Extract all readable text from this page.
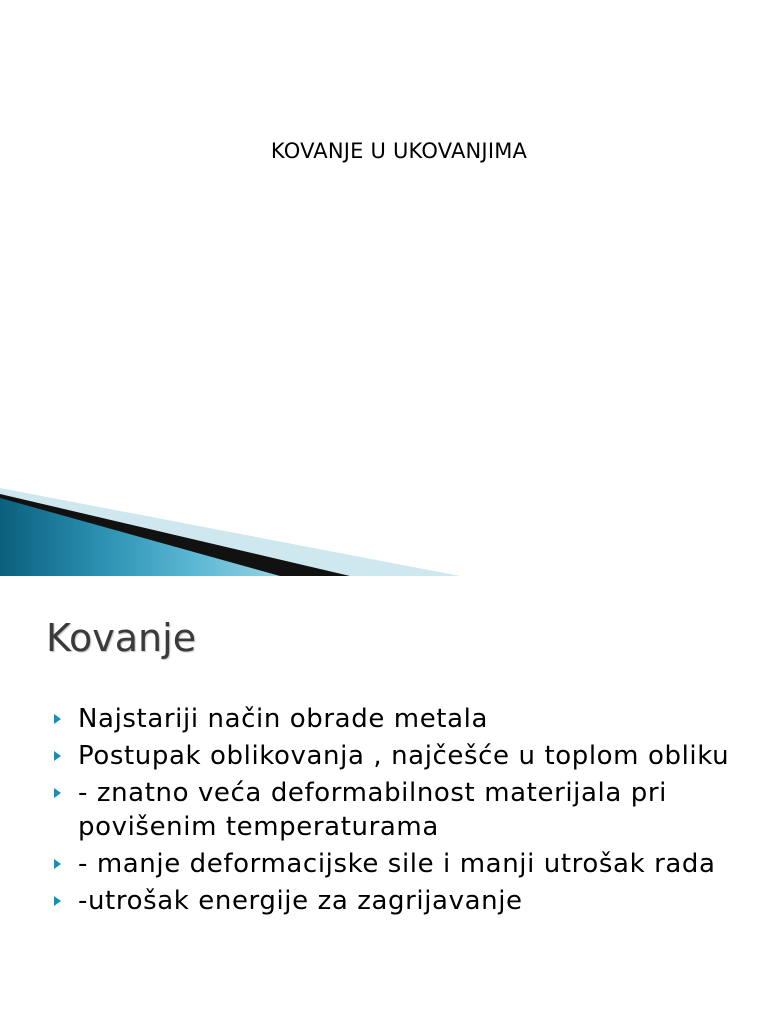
KOVANJE U UKOVANJIMA
Kovanje
Najstariji način obrade metala
Postupak oblikovanja , najčešće u toplom obliku
- znatno veća deformabilnost materijala pri povišenim temperaturama
- manje deformacijske sile i manji utrošak rada
-utrošak energije za zagrijavanje
